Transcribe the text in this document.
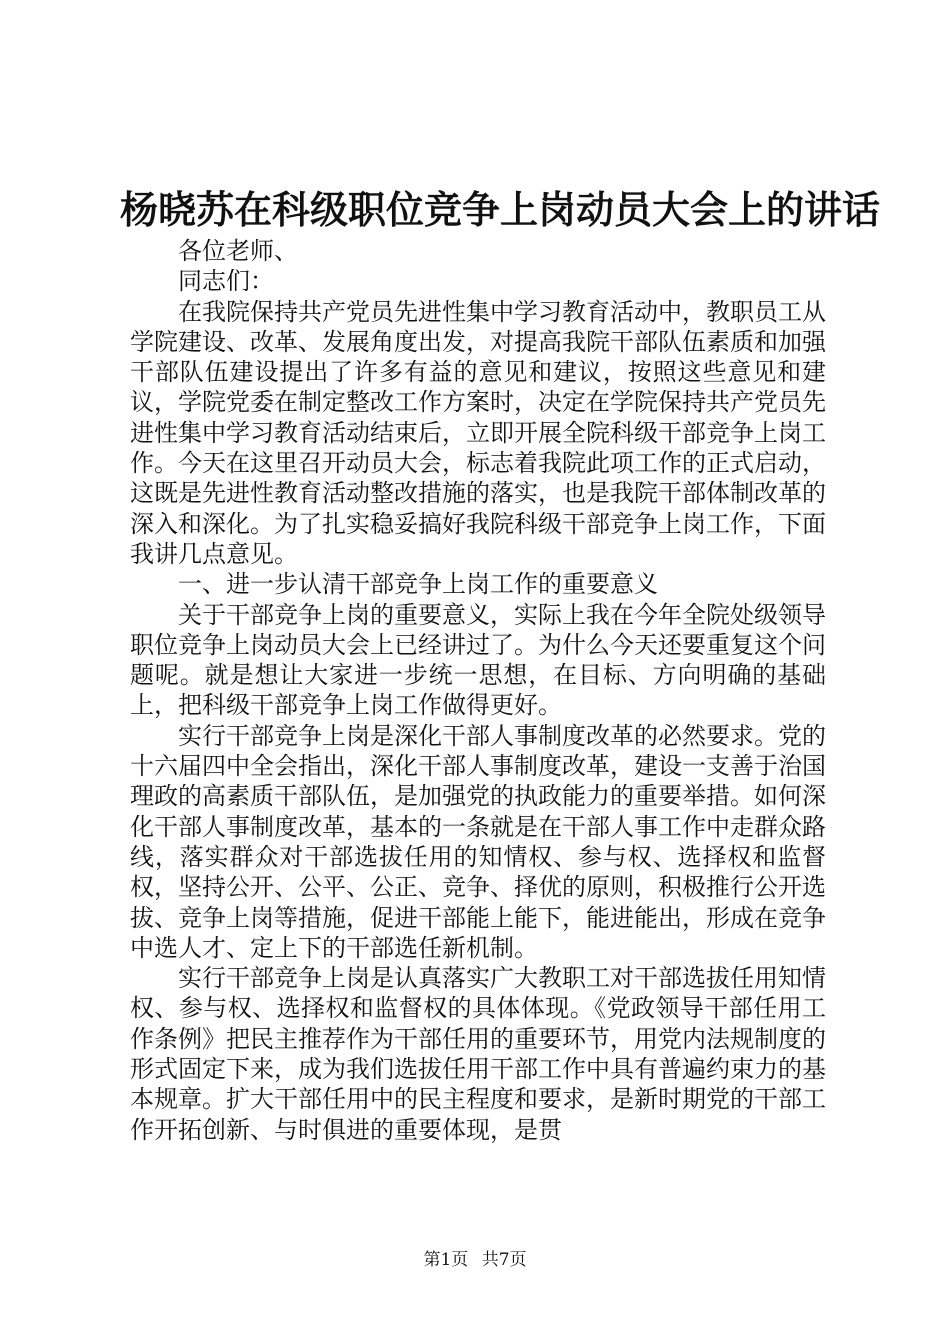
杨晓苏在科级职位竞争上岗动员大会上的讲话

各位老师、

同志们：

在我院保持共产党员先进性集中学习教育活动中，教职员工从学院建设、改革、发展角度出发，对提高我院干部队伍素质和加强干部队伍建设提出了许多有益的意见和建议，按照这些意见和建议，学院党委在制定整改工作方案时，决定在学院保持共产党员先进性集中学习教育活动结束后，立即开展全院科级干部竞争上岗工作。今天在这里召开动员大会，标志着我院此项工作的正式启动，这既是先进性教育活动整改措施的落实，也是我院干部体制改革的深入和深化。为了扎实稳妥搞好我院科级干部竞争上岗工作，下面我讲几点意见。

一、进一步认清干部竞争上岗工作的重要意义

关于干部竞争上岗的重要意义，实际上我在今年全院处级领导职位竞争上岗动员大会上已经讲过了。为什么今天还要重复这个问题呢。就是想让大家进一步统一思想，在目标、方向明确的基础上，把科级干部竞争上岗工作做得更好。

实行干部竞争上岗是深化干部人事制度改革的必然要求。党的十六届四中全会指出，深化干部人事制度改革，建设一支善于治国理政的高素质干部队伍，是加强党的执政能力的重要举措。如何深化干部人事制度改革，基本的一条就是在干部人事工作中走群众路线，落实群众对干部选拔任用的知情权、参与权、选择权和监督权，坚持公开、公平、公正、竞争、择优的原则，积极推行公开选拔、竞争上岗等措施，促进干部能上能下，能进能出，形成在竞争中选人才、定上下的干部选任新机制。

实行干部竞争上岗是认真落实广大教职工对干部选拔任用知情权、参与权、选择权和监督权的具体体现。《党政领导干部任用工作条例》把民主推荐作为干部任用的重要环节，用党内法规制度的形式固定下来，成为我们选拔任用干部工作中具有普遍约束力的基本规章。扩大干部任用中的民主程度和要求，是新时期党的干部工作开拓创新、与时俱进的重要体现，是贯

第1页 共7页
